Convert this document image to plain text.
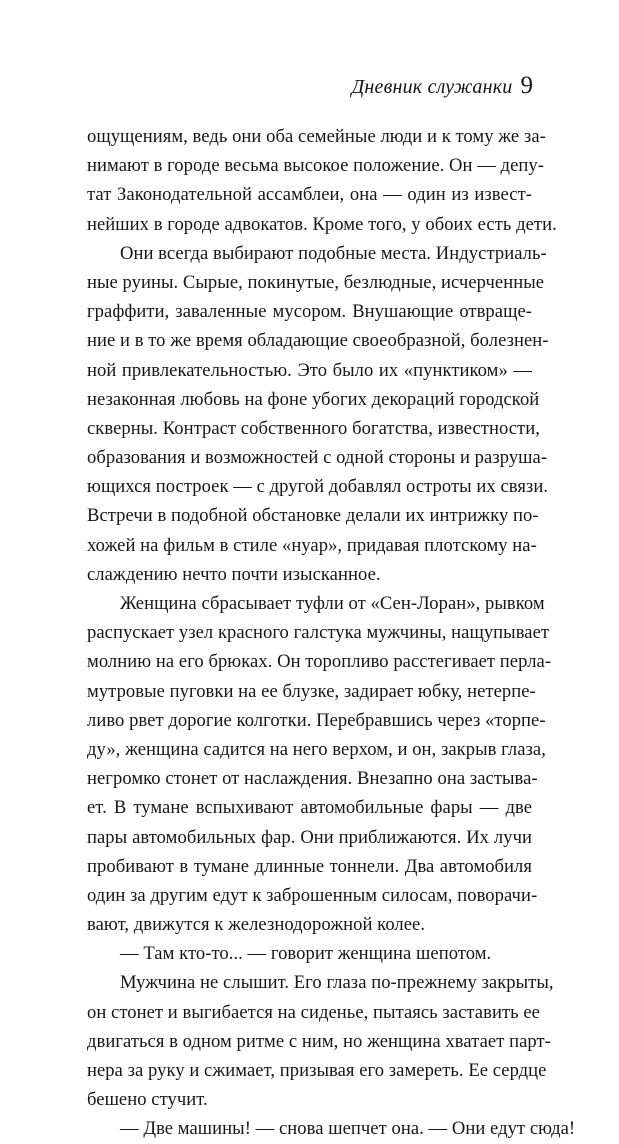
Дневник служанки 9
ощущениям, ведь они оба семейные люди и к тому же за-
нимают в городе весьма высокое положение. Он — депу-
тат Законодательной ассамблеи, она — один из извест-
нейших в городе адвокатов. Кроме того, у обоих есть дети.
Они всегда выбирают подобные места. Индустриаль-
ные руины. Сырые, покинутые, безлюдные, исчерченные
граффити, заваленные мусором. Внушающие отвраще-
ние и в то же время обладающие своеобразной, болезнен-
ной привлекательностью. Это было их «пунктиком» —
незаконная любовь на фоне убогих декораций городской
скверны. Контраст собственного богатства, известности,
образования и возможностей с одной стороны и разруша-
ющихся построек — с другой добавлял остроты их связи.
Встречи в подобной обстановке делали их интрижку по-
хожей на фильм в стиле «нуар», придавая плотскому на-
слаждению нечто почти изысканное.
Женщина сбрасывает туфли от «Сен-Лоран», рывком
распускает узел красного галстука мужчины, нащупывает
молнию на его брюках. Он торопливо расстегивает перла-
мутровые пуговки на ее блузке, задирает юбку, нетерпе-
ливо рвет дорогие колготки. Перебравшись через «торпе-
ду», женщина садится на него верхом, и он, закрыв глаза,
негромко стонет от наслаждения. Внезапно она застыва-
ет. В тумане вспыхивают автомобильные фары — две
пары автомобильных фар. Они приближаются. Их лучи
пробивают в тумане длинные тоннели. Два автомобиля
один за другим едут к заброшенным силосам, поворачи-
вают, движутся к железнодорожной колее.
— Там кто-то... — говорит женщина шепотом.
Мужчина не слышит. Его глаза по-прежнему закрыты,
он стонет и выгибается на сиденье, пытаясь заставить ее
двигаться в одном ритме с ним, но женщина хватает парт-
нера за руку и сжимает, призывая его замереть. Ее сердце
бешено стучит.
— Две машины! — снова шепчет она. — Они едут сюда!
